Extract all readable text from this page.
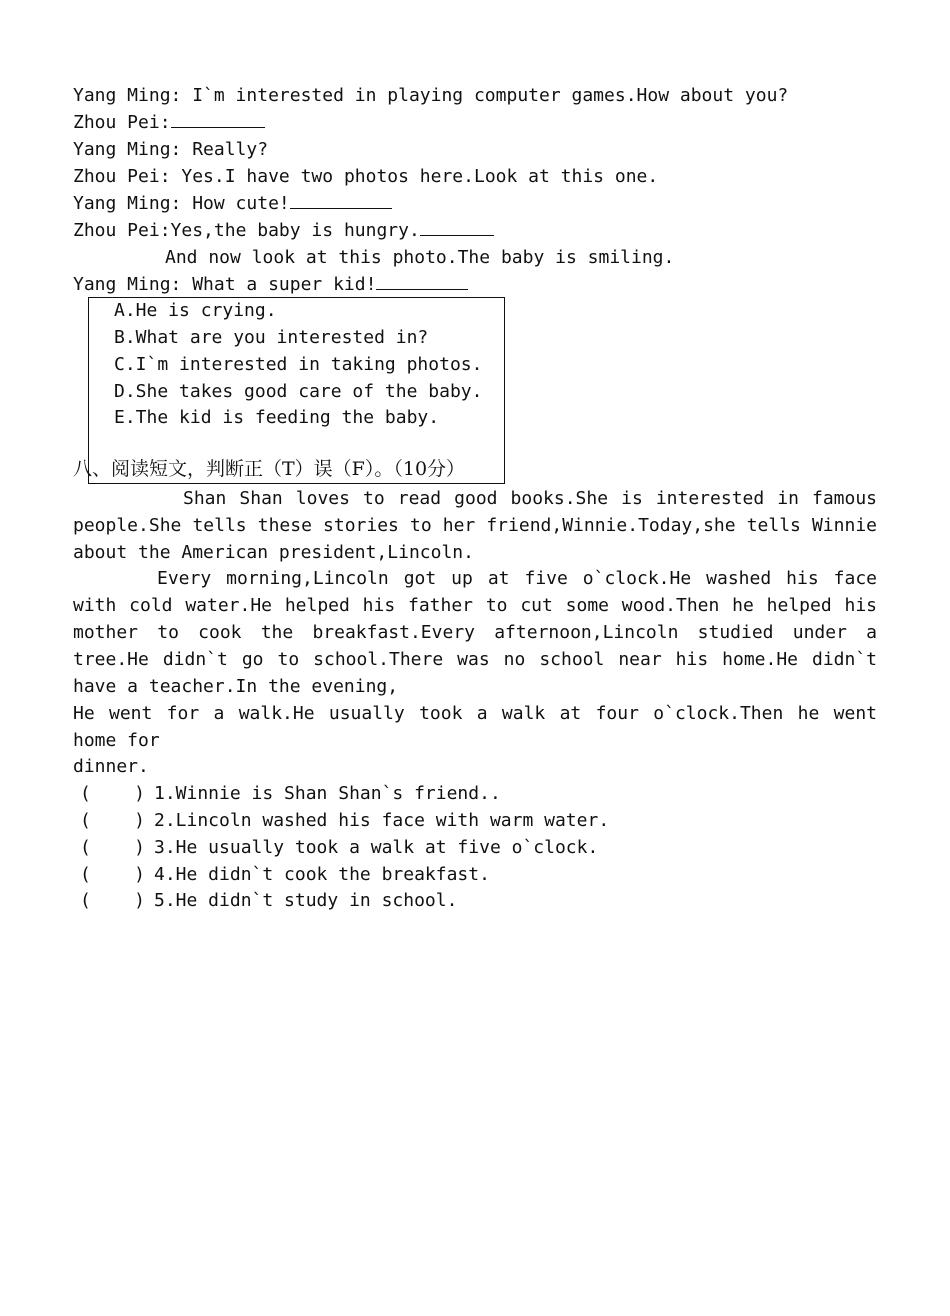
Yang Ming: I`m interested in playing computer games.How about you?
Zhou Pei:
Yang Ming: Really?
Zhou Pei: Yes.I have two photos here.Look at this one.
Yang Ming: How cute!
Zhou Pei:Yes,the baby is hungry.
And now look at this photo.The baby is smiling.
Yang Ming: What a super kid!
A.He is crying.
B.What are you interested in?
C.I`m interested in taking photos.
D.She takes good care of the baby.
E.The kid is feeding the baby.
八、阅读短文，判断正（T）误（F）。（10分）
Shan Shan loves to read good books.She is interested in famous people.She tells these stories to her friend,Winnie.Today,she tells Winnie about the American president,Lincoln.
Every morning,Lincoln got up at five o`clock.He washed his face with cold water.He helped his father to cut some wood.Then he helped his mother to cook the breakfast.Every afternoon,Lincoln studied under a tree.He didn`t go to school.There was no school near his home.He didn`t have a teacher.In the evening,
He went for a walk.He usually took a walk at four o`clock.Then he went home for
dinner.
(    ) 1.Winnie is Shan Shan`s friend..
(    ) 2.Lincoln washed his face with warm water.
(    ) 3.He usually took a walk at five o`clock.
(    ) 4.He didn`t cook the breakfast.
(    ) 5.He didn`t study in school.
